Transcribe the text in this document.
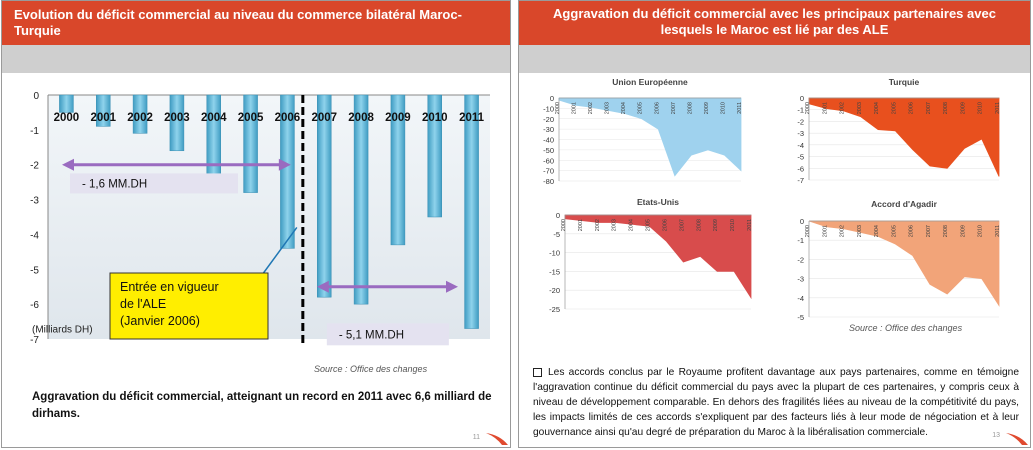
Evolution du déficit commercial au niveau du commerce bilatéral Maroc-Turquie
0
-1
-2
-3
-4
-5
-6
-7
2000 2001 2002 2003 2004 2005 2006 2007 2008 2009 2010 2011
- 1,6 MM.DH
- 5,1 MM.DH
(Milliards DH)
Entrée en vigueur
de l'ALE
(Janvier 2006)
Source : Office des changes
Aggravation du déficit commercial, atteignant un record en 2011 avec 6,6 milliard de dirhams.
11
Aggravation du déficit commercial avec les principaux partenaires avec lesquels le Maroc est lié par des ALE
Union Européenne
0
-10
-20
-30
-40
-50
-60
-70
-80
2000 2001 2002 2003 2004 2005 2006 2007 2008 2009 2010 2011
Turquie
0
-1
-2
-3
-4
-5
-6
-7
2000 2001 2002 2003 2004 2005 2006 2007 2008 2009 2010 2011
Etats-Unis
0
-5
-10
-15
-20
-25
2000 2001 2002 2003 2004 2005 2006 2007 2008 2009 2010 2011
Accord d'Agadir
0
-1
-2
-3
-4
-5
2000 2001 2002 2003 2004 2005 2006 2007 2008 2009 2010 2011
Source : Office des changes
Les accords conclus par le Royaume profitent davantage aux pays partenaires, comme en témoigne l'aggravation continue du déficit commercial du pays avec la plupart de ces partenaires, y compris ceux à niveau de développement comparable. En dehors des fragilités liées au niveau de la compétitivité du pays, les impacts limités de ces accords s'expliquent par des facteurs liés à leur mode de négociation et à leur gouvernance ainsi qu'au degré de préparation du Maroc à la libéralisation commerciale.	13
